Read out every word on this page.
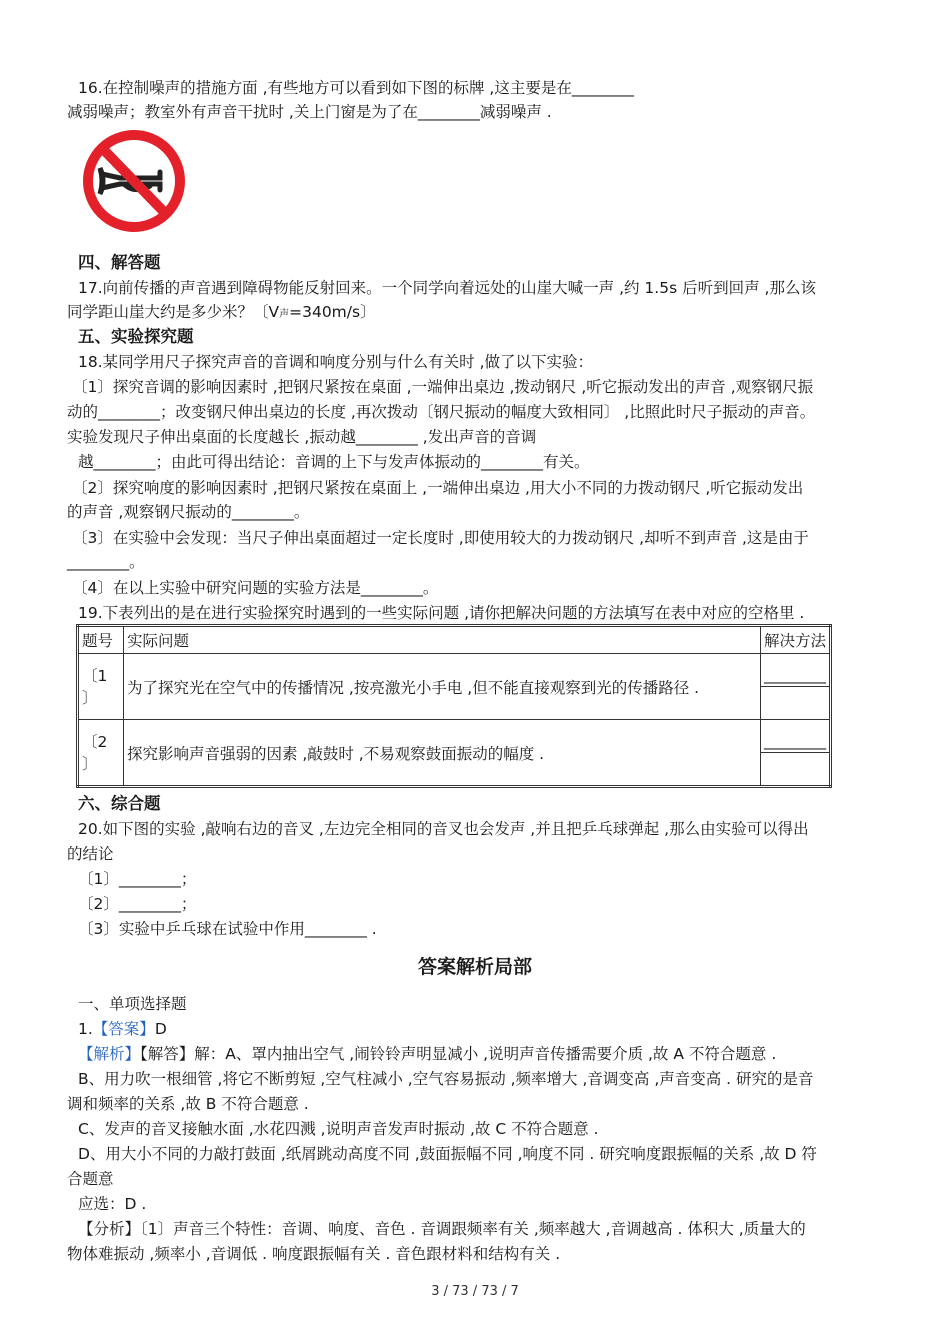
16.在控制噪声的措施方面 ,有些地方可以看到如下图的标牌 ,这主要是在________
减弱噪声；教室外有声音干扰时 ,关上门窗是为了在________减弱噪声 .
四、解答题
17.向前传播的声音遇到障碍物能反射回来。一个同学向着远处的山崖大喊一声 ,约 1.5s 后听到回声 ,那么该
同学距山崖大约是多少米？〔V声=340m/s〕
五、实验探究题
18.某同学用尺子探究声音的音调和响度分别与什么有关时 ,做了以下实验：
〔1〕探究音调的影响因素时 ,把钢尺紧按在桌面 ,一端伸出桌边 ,拨动钢尺 ,听它振动发出的声音 ,观察钢尺振
动的________；改变钢尺伸出桌边的长度 ,再次拨动〔钢尺振动的幅度大致相同〕 ,比照此时尺子振动的声音。
实验发现尺子伸出桌面的长度越长 ,振动越________ ,发出声音的音调
越________；由此可得出结论：音调的上下与发声体振动的________有关。
〔2〕探究响度的影响因素时 ,把钢尺紧按在桌面上 ,一端伸出桌边 ,用大小不同的力拨动钢尺 ,听它振动发出
的声音 ,观察钢尺振动的________。
〔3〕在实验中会发现：当尺子伸出桌面超过一定长度时 ,即使用较大的力拨动钢尺 ,却听不到声音 ,这是由于
________。
〔4〕在以上实验中研究问题的实验方法是________。
19.下表列出的是在进行实验探究时遇到的一些实际问题 ,请你把解决问题的方法填写在表中对应的空格里 .
题号	实际问题	解决方法
〔1
〕	为了探究光在空气中的传播情况 ,按亮激光小手电 ,但不能直接观察到光的传播路径 .	________

〔2
〕	探究影响声音强弱的因素 ,敲鼓时 ,不易观察鼓面振动的幅度 .	________

六、综合题
20.如下图的实验 ,敲响右边的音叉 ,左边完全相同的音叉也会发声 ,并且把乒乓球弹起 ,那么由实验可以得出
的结论
〔1〕________；
〔2〕________；
〔3〕实验中乒乓球在试验中作用________ .
答案解析局部
一、单项选择题
1.【答案】D
【解析】【解答】解：A、罩内抽出空气 ,闹铃铃声明显减小 ,说明声音传播需要介质 ,故 A 不符合题意 .
B、用力吹一根细管 ,将它不断剪短 ,空气柱减小 ,空气容易振动 ,频率增大 ,音调变高 ,声音变高 . 研究的是音
调和频率的关系 ,故 B 不符合题意 .
C、发声的音叉接触水面 ,水花四溅 ,说明声音发声时振动 ,故 C 不符合题意 .
D、用大小不同的力敲打鼓面 ,纸屑跳动高度不同 ,鼓面振幅不同 ,响度不同 . 研究响度跟振幅的关系 ,故 D 符
合题意
应选：D .
【分析】〔1〕声音三个特性：音调、响度、音色 . 音调跟频率有关 ,频率越大 ,音调越高 . 体积大 ,质量大的
物体难振动 ,频率小 ,音调低 . 响度跟振幅有关 . 音色跟材料和结构有关 .
3 / 73 / 73 / 7
